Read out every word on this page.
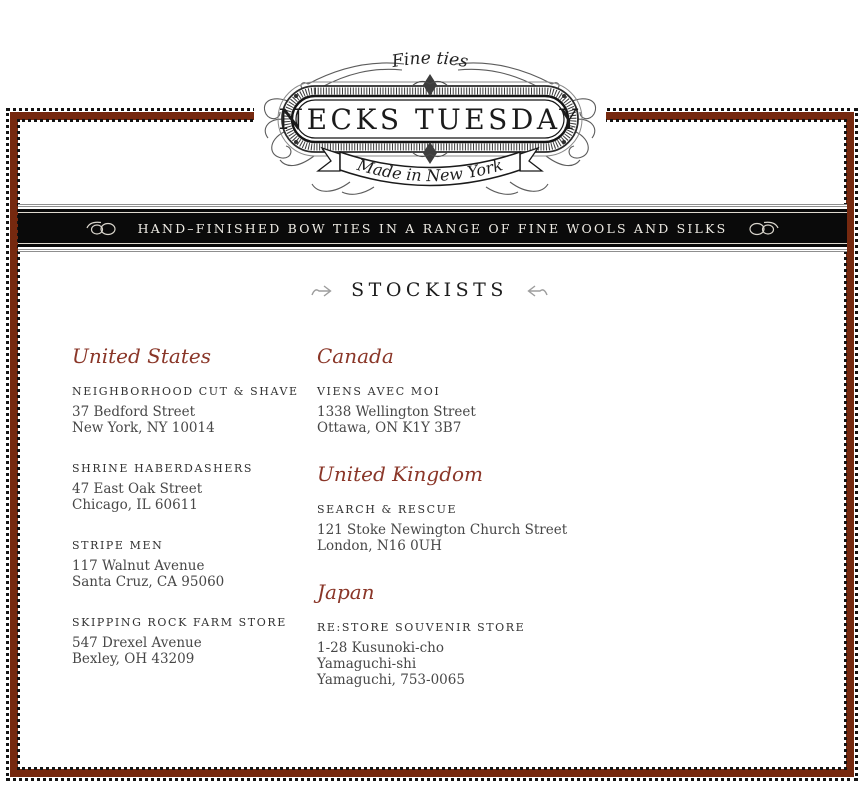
Fine ties
NECKS TUESDAY
Made in New York
HAND–FINISHED BOW TIES IN A RANGE OF FINE WOOLS AND SILKS
STOCKISTS
United States
NEIGHBORHOOD CUT & SHAVE

37 Bedford Street

New York, NY 10014

SHRINE HABERDASHERS

47 East Oak Street

Chicago, IL 60611

STRIPE MEN

117 Walnut Avenue

Santa Cruz, CA 95060

SKIPPING ROCK FARM STORE

547 Drexel Avenue

Bexley, OH 43209

Canada
VIENS AVEC MOI

1338 Wellington Street

Ottawa, ON K1Y 3B7

United Kingdom
SEARCH & RESCUE

121 Stoke Newington Church Street

London, N16 0UH

Japan
RE:STORE SOUVENIR STORE

1-28 Kusunoki-cho

Yamaguchi-shi

Yamaguchi, 753-0065
